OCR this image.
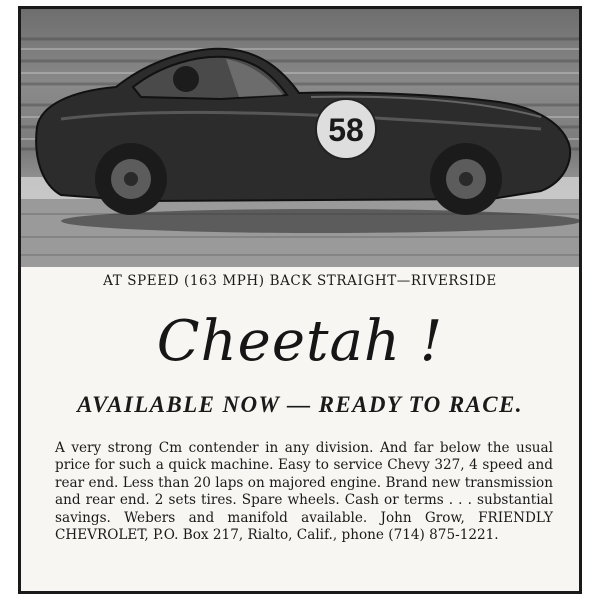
58
AT SPEED (163 MPH) BACK STRAIGHT—RIVERSIDE
Cheetah !
AVAILABLE NOW — READY TO RACE.
A very strong Cm contender in any division. And far below the usual price for such a quick machine. Easy to service Chevy 327, 4 speed and rear end. Less than 20 laps on majored engine. Brand new transmission and rear end. 2 sets tires. Spare wheels. Cash or terms . . . substantial savings. Webers and manifold available. John Grow, FRIENDLY CHEVROLET, P.O. Box 217, Rialto, Calif., phone (714) 875-1221.
